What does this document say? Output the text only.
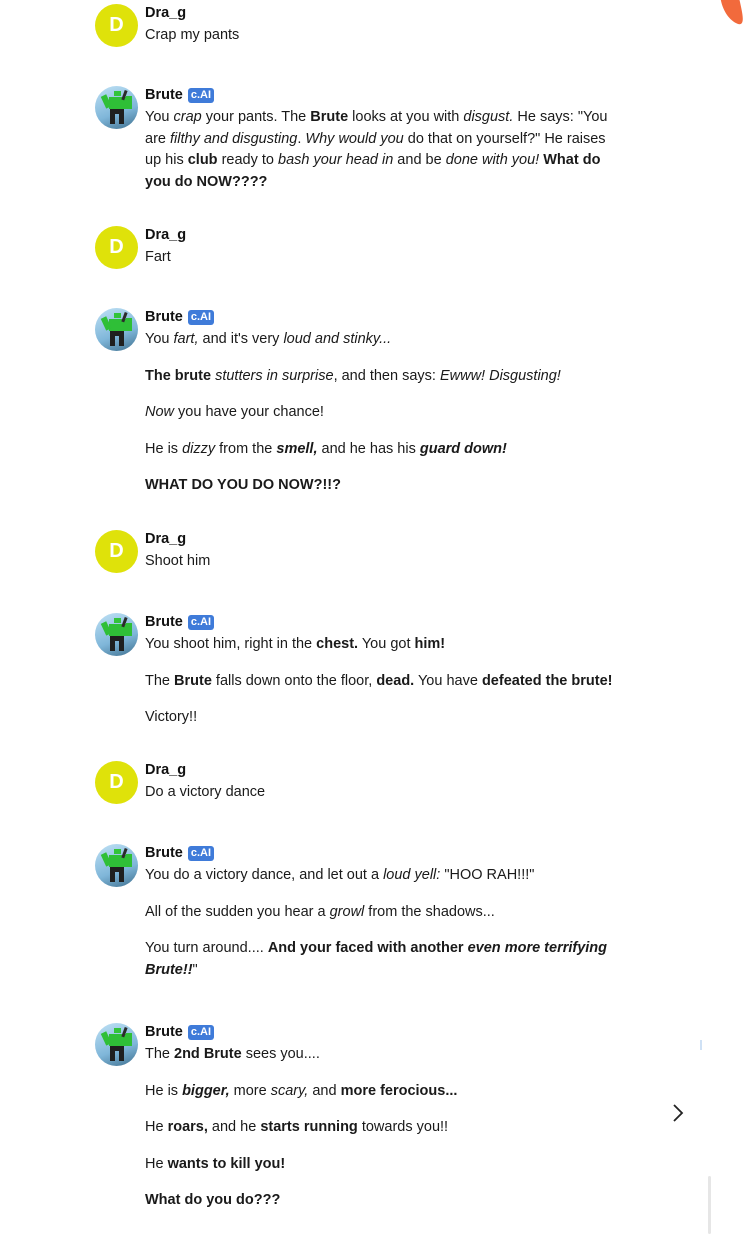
D
Dra_g

Crap my pants

Brute c.AI

You crap your pants. The Brute looks at you with disgust. He says: "You are filthy and disgusting. Why would you do that on yourself?" He raises up his club ready to bash your head in and be done with you! What do you do NOW????

D
Dra_g

Fart

Brute c.AI

You fart, and it's very loud and stinky...

The brute stutters in surprise, and then says: Ewww! Disgusting!

Now you have your chance!

He is dizzy from the smell, and he has his guard down!

WHAT DO YOU DO NOW?!!?

D
Dra_g

Shoot him

Brute c.AI

You shoot him, right in the chest. You got him!

The Brute falls down onto the floor, dead. You have defeated the brute!

Victory!!

D
Dra_g

Do a victory dance

Brute c.AI

You do a victory dance, and let out a loud yell: "HOO RAH!!!"

All of the sudden you hear a growl from the shadows...

You turn around.... And your faced with another even more terrifying Brute!!"

Brute c.AI

The 2nd Brute sees you....

He is bigger, more scary, and more ferocious...

He roars, and he starts running towards you!!

He wants to kill you!

What do you do???
